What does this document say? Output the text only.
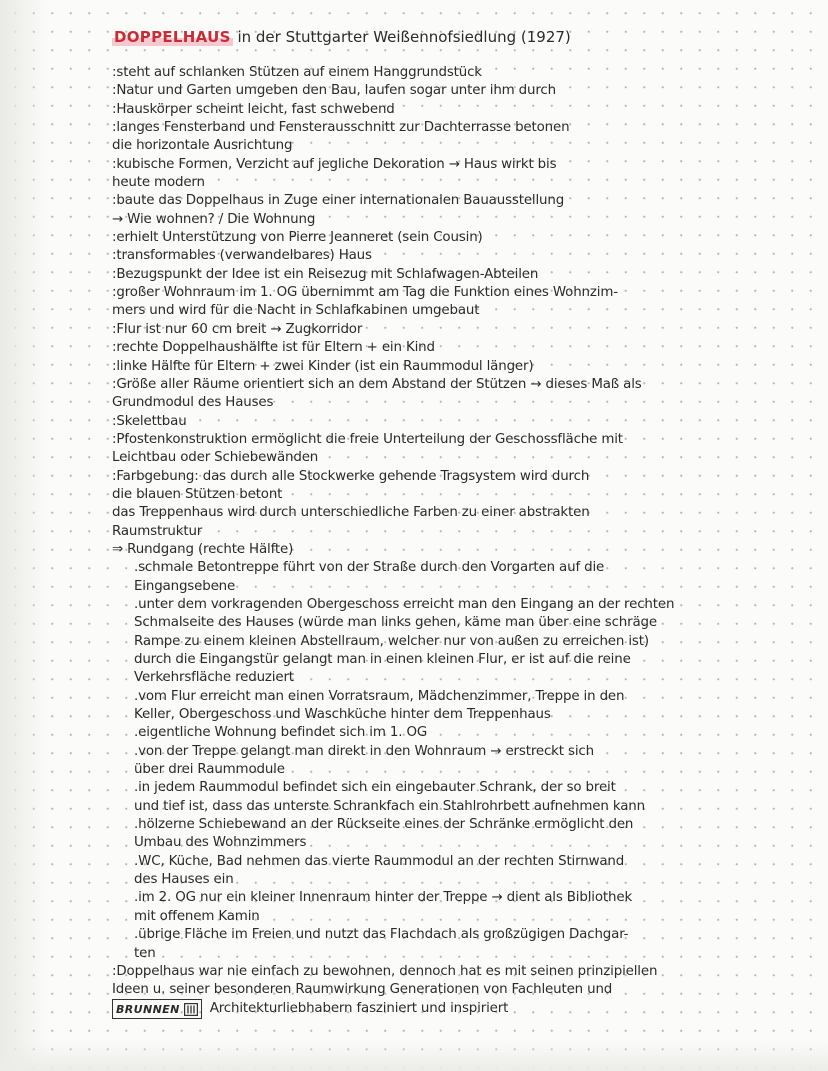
DOPPELHAUS in der Stuttgarter Weißennofsiedlung (1927)
:steht auf schlanken Stützen auf einem Hanggrundstück
:Natur und Garten umgeben den Bau, laufen sogar unter ihm durch
:Hauskörper scheint leicht, fast schwebend
:langes Fensterband und Fensterausschnitt zur Dachterrasse betonen
die horizontale Ausrichtung
:kubische Formen, Verzicht auf jegliche Dekoration → Haus wirkt bis
heute modern
:baute das Doppelhaus in Zuge einer internationalen Bauausstellung
→ Wie wohnen? / Die Wohnung
:erhielt Unterstützung von Pierre Jeanneret (sein Cousin)
:transformables (verwandelbares) Haus
:Bezugspunkt der Idee ist ein Reisezug mit Schlafwagen-Abteilen
:großer Wohnraum im 1. OG übernimmt am Tag die Funktion eines Wohnzim-
mers und wird für die Nacht in Schlafkabinen umgebaut
:Flur ist nur 60 cm breit → Zugkorridor
:rechte Doppelhaushälfte ist für Eltern + ein Kind
:linke Hälfte für Eltern + zwei Kinder (ist ein Raummodul länger)
:Größe aller Räume orientiert sich an dem Abstand der Stützen → dieses Maß als
Grundmodul des Hauses
:Skelettbau
:Pfostenkonstruktion ermöglicht die freie Unterteilung der Geschossfläche mit
Leichtbau oder Schiebewänden
:Farbgebung: das durch alle Stockwerke gehende Tragsystem wird durch
die blauen Stützen betont
das Treppenhaus wird durch unterschiedliche Farben zu einer abstrakten
Raumstruktur
⇒ Rundgang (rechte Hälfte)
.schmale Betontreppe führt von der Straße durch den Vorgarten auf die
Eingangsebene
.unter dem vorkragenden Obergeschoss erreicht man den Eingang an der rechten
Schmalseite des Hauses (würde man links gehen, käme man über eine schräge
Rampe zu einem kleinen Abstellraum, welcher nur von außen zu erreichen ist)
durch die Eingangstür gelangt man in einen kleinen Flur, er ist auf die reine
Verkehrsfläche reduziert
.vom Flur erreicht man einen Vorratsraum, Mädchenzimmer, Treppe in den
Keller, Obergeschoss und Waschküche hinter dem Treppenhaus
.eigentliche Wohnung befindet sich im 1. OG
.von der Treppe gelangt man direkt in den Wohnraum → erstreckt sich
über drei Raummodule
.in jedem Raummodul befindet sich ein eingebauter Schrank, der so breit
und tief ist, dass das unterste Schrankfach ein Stahlrohrbett aufnehmen kann
.hölzerne Schiebewand an der Rückseite eines der Schränke ermöglicht den
Umbau des Wohnzimmers
.WC, Küche, Bad nehmen das vierte Raummodul an der rechten Stirnwand
des Hauses ein
.im 2. OG nur ein kleiner Innenraum hinter der Treppe → dient als Bibliothek
mit offenem Kamin
.übrige Fläche im Freien und nutzt das Flachdach als großzügigen Dachgar-
ten
:Doppelhaus war nie einfach zu bewohnen, dennoch hat es mit seinen prinzipiellen
Ideen u. seiner besonderen Raumwirkung Generationen von Fachleuten und
BRUNNEN Architekturliebhabern fasziniert und inspiriert
